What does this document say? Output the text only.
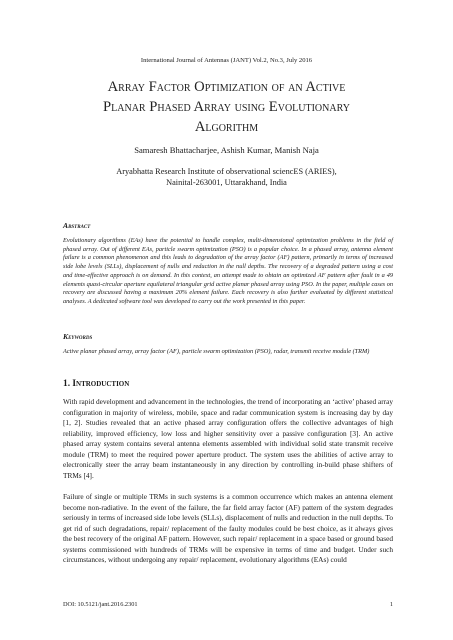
International Journal of Antennas (JANT) Vol.2, No.3, July 2016
Array Factor Optimization of an Active
Planar Phased Array using Evolutionary
Algorithm
Samaresh Bhattacharjee, Ashish Kumar, Manish Naja
Aryabhatta Research Institute of observational sciencES (ARIES),
Nainital-263001, Uttarakhand, India
Abstract
Evolutionary algorithms (EAs) have the potential to handle complex, multi-dimensional optimization problems in the field of phased array. Out of different EAs, particle swarm optimization (PSO) is a popular choice. In a phased array, antenna element failure is a common phenomenon and this leads to degradation of the array factor (AF) pattern, primarily in terms of increased side lobe levels (SLLs), displacement of nulls and reduction in the null depths. The recovery of a degraded pattern using a cost and time-effective approach is on demand. In this context, an attempt made to obtain an optimized AF pattern after fault in a 49 elements quasi-circular aperture equilateral triangular grid active planar phased array using PSO. In the paper, multiple cases on recovery are discussed having a maximum 20% element failure. Each recovery is also further evaluated by different statistical analyses. A dedicated software tool was developed to carry out the work presented in this paper.
Keywords
Active planar phased array, array factor (AF), particle swarm optimization (PSO), radar, transmit receive module (TRM)
1. Introduction
With rapid development and advancement in the technologies, the trend of incorporating an ‘active’ phased array configuration in majority of wireless, mobile, space and radar communication system is increasing day by day [1, 2]. Studies revealed that an active phased array configuration offers the collective advantages of high reliability, improved efficiency, low loss and higher sensitivity over a passive configuration [3]. An active phased array system contains several antenna elements assembled with individual solid state transmit receive module (TRM) to meet the required power aperture product. The system uses the abilities of active array to electronically steer the array beam instantaneously in any direction by controlling in-build phase shifters of TRMs [4].
Failure of single or multiple TRMs in such systems is a common occurrence which makes an antenna element become non-radiative. In the event of the failure, the far field array factor (AF) pattern of the system degrades seriously in terms of increased side lobe levels (SLLs), displacement of nulls and reduction in the null depths. To get rid of such degradations, repair/ replacement of the faulty modules could be best choice, as it always gives the best recovery of the original AF pattern. However, such repair/ replacement in a space based or ground based systems commissioned with hundreds of TRMs will be expensive in terms of time and budget. Under such circumstances, without undergoing any repair/ replacement, evolutionary algorithms (EAs) could
DOI: 10.5121/jant.2016.2301	1
